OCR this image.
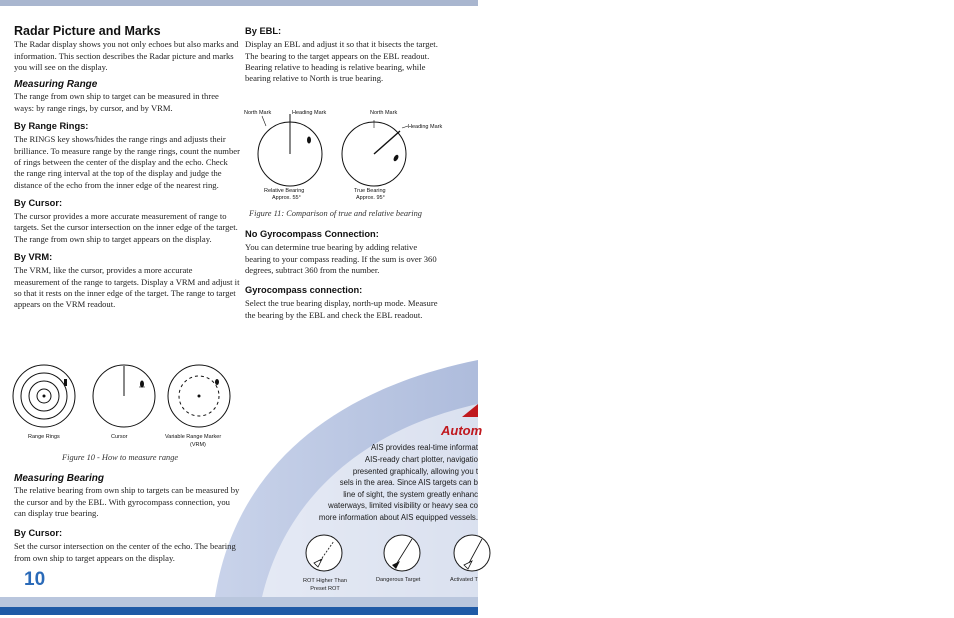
Radar Picture and Marks

The Radar display shows you not only echoes but also marks and information. This section describes the Radar picture and marks you will see on the display.

Measuring Range

The range from own ship to target can be measured in three ways: by range rings, by cursor, and by VRM.

By Range Rings:

The RINGS key shows/hides the range rings and adjusts their brilliance. To measure range by the range rings, count the number of rings between the center of the display and the echo. Check the range ring interval at the top of the display and judge the distance of the echo from the inner edge of the nearest ring.

By Cursor:

The cursor provides a more accurate measurement of range to targets. Set the cursor intersection on the inner edge of the target. The range from own ship to target appears on the display.

By VRM:

The VRM, like the cursor, provides a more accurate measurement of the range to targets. Display a VRM and adjust it so that it rests on the inner edge of the target. The range to target appears on the VRM readout.

Range Rings	Cursor	Variable Range Marker
(VRM)
Figure 10 - How to measure range
Measuring Bearing

The relative bearing from own ship to targets can be measured by the cursor and by the EBL. With gyrocompass connection, you can display true bearing.

By Cursor:

Set the cursor intersection on the center of the echo. The bearing from own ship to target appears on the display.

By EBL:

Display an EBL and adjust it so that it bisects the target. The bearing to the target appears on the EBL readout. Bearing relative to heading is relative bearing, while bearing relative to North is true bearing.

North Mark	Heading Mark
Relative Bearing
Approx. 55°
North Mark
Heading Mark
True Bearing
Approx. 95°
Figure 11: Comparison of true and relative bearing
No Gyrocompass Connection:

You can determine true bearing by adding relative bearing to your compass reading. If the sum is over 360 degrees, subtract 360 from the number.

Gyrocompass connection:

Select the true bearing display, north-up mode. Measure the bearing by the EBL and check the EBL readout.

Autom
AIS provides real-time informat
AIS-ready chart plotter, navigatio
presented graphically, allowing you t
sels in the area. Since AIS targets can b
line of sight, the system greatly enhanc
waterways, limited visibility or heavy sea co
more information about AIS equipped vessels.
ROT Higher Than
Preset ROT
Dangerous Target	Activated T
10
